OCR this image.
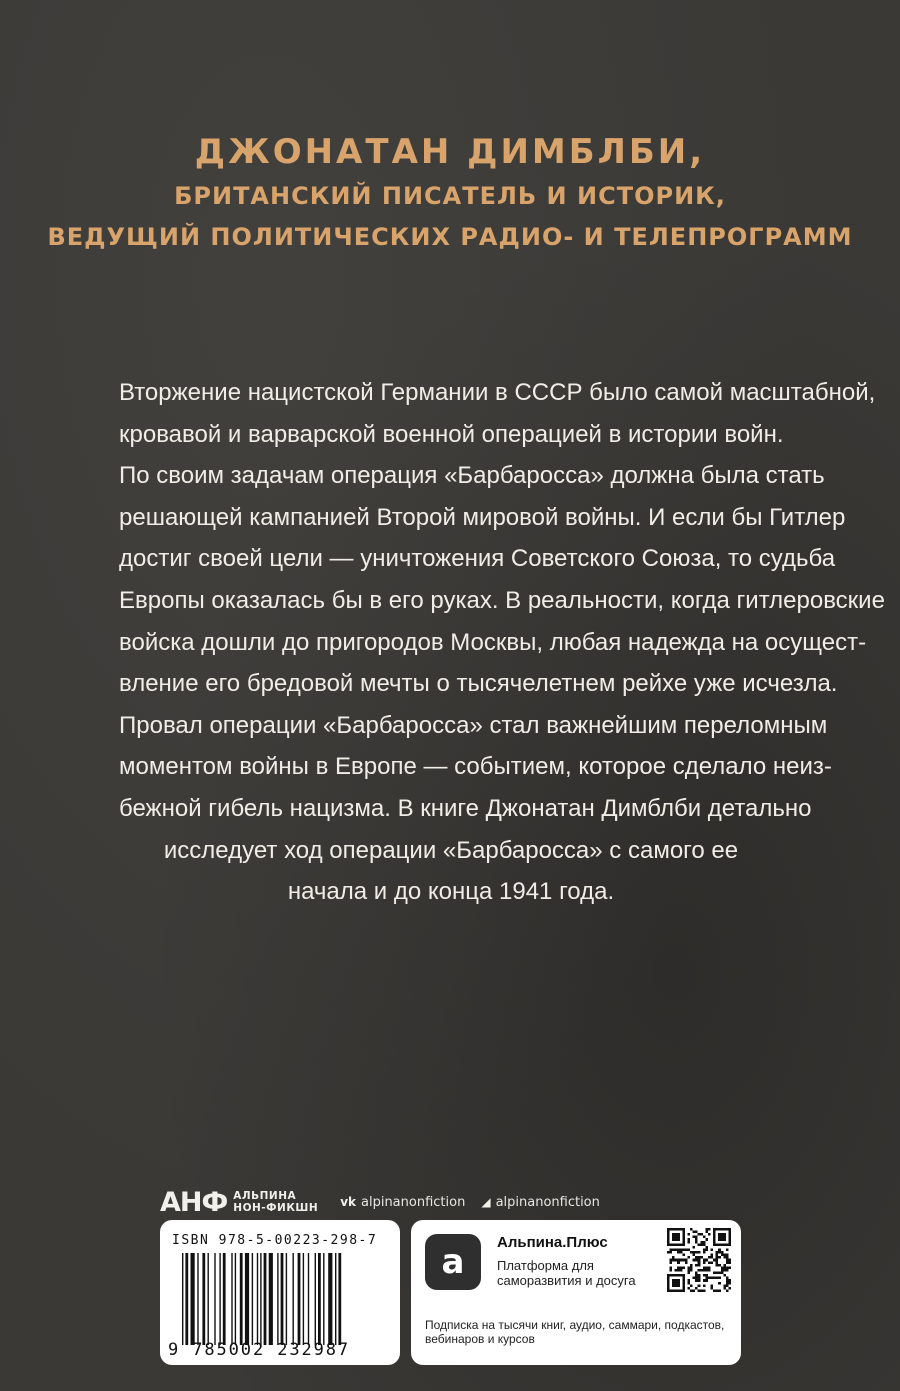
ДЖОНАТАН ДИМБЛБИ,
БРИТАНСКИЙ ПИСАТЕЛЬ И ИСТОРИК,
ВЕДУЩИЙ ПОЛИТИЧЕСКИХ РАДИО- И ТЕЛЕПРОГРАММ
Вторжение нацистской Германии в СССР было самой масштабной,
кровавой и варварской военной операцией в истории войн.
По своим задачам операция «Барбаросса» должна была стать
решающей кампанией Второй мировой войны. И если бы Гитлер
достиг своей цели — уничтожения Советского Союза, то судьба
Европы оказалась бы в его руках. В реальности, когда гитлеровские
войска дошли до пригородов Москвы, любая надежда на осущест-
вление его бредовой мечты о тысячелетнем рейхе уже исчезла.
Провал операции «Барбаросса» стал важнейшим переломным
моментом войны в Европе — событием, которое сделало неиз-
бежной гибель нацизма. В книге Джонатан Димблби детально
исследует ход операции «Барбаросса» с самого ее
начала и до конца 1941 года.
АНФ АЛЬПИНА
НОН-ФИКШН vk alpinanonfiction ◢ alpinanonfiction
ISBN 978-5-00223-298-7
9 785002 232987
a	Альпина.Плюс
Платформа для саморазвития и досуга
Подписка на тысячи книг, аудио, саммари, подкастов, вебинаров и курсов
